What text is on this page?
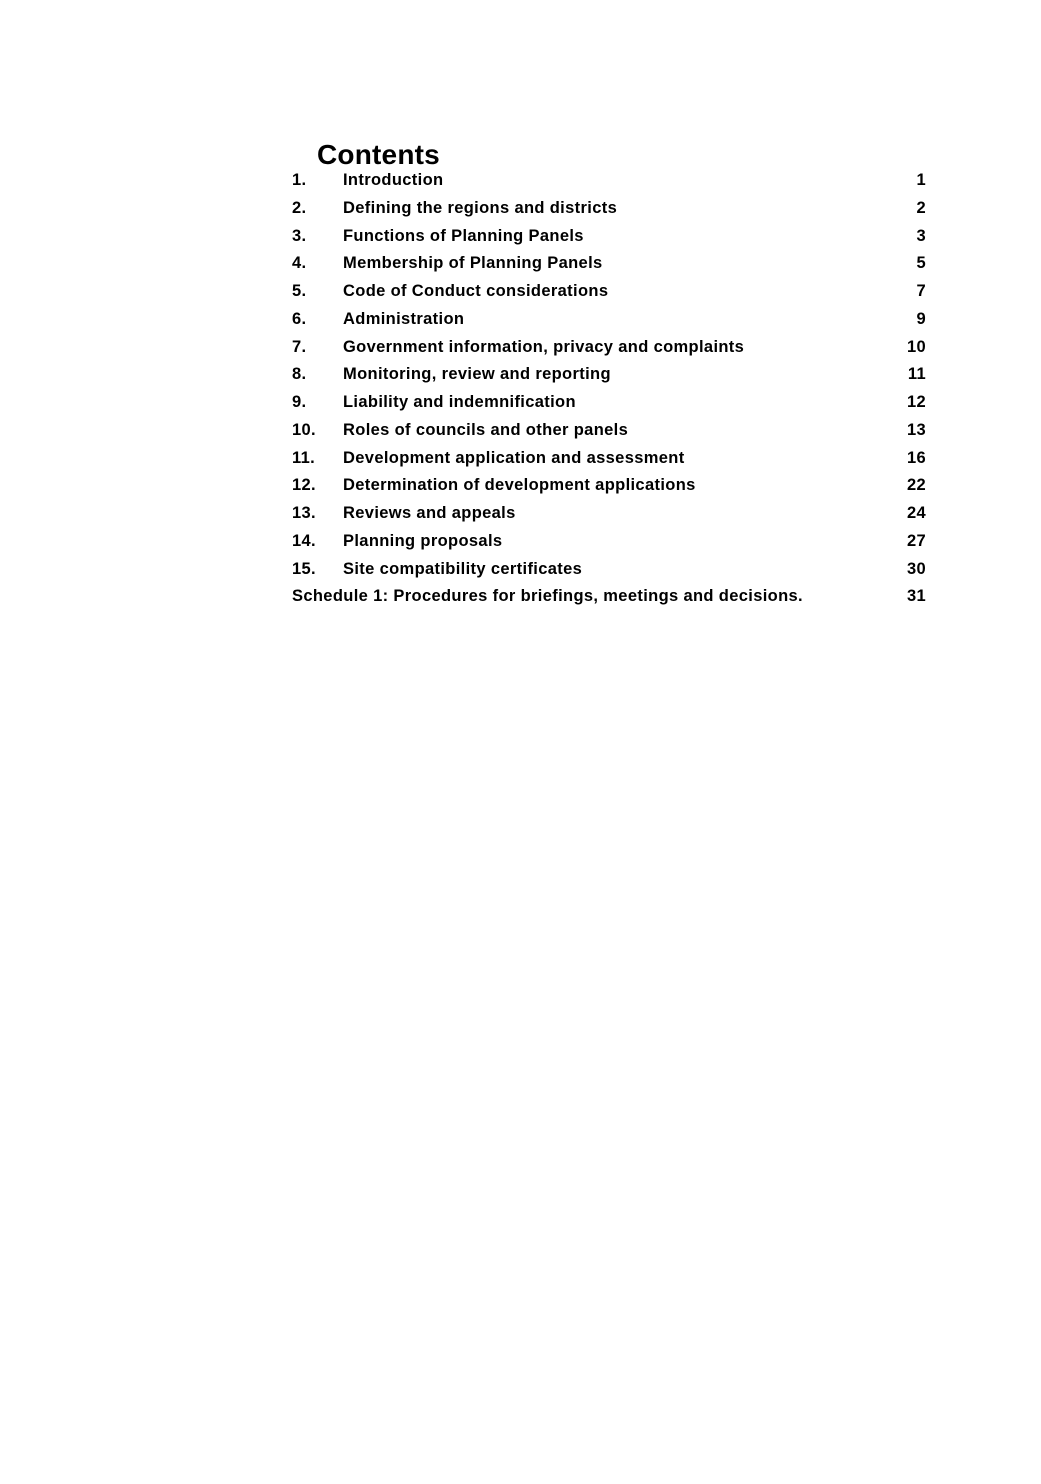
Contents
1.	Introduction	1
2.	Defining the regions and districts	2
3.	Functions of Planning Panels	3
4.	Membership of Planning Panels	5
5.	Code of Conduct considerations	7
6.	Administration	9
7.	Government information, privacy and complaints	10
8.	Monitoring, review and reporting	11
9.	Liability and indemnification	12
10.	Roles of councils and other panels	13
11.	Development application and assessment	16
12.	Determination of development applications	22
13.	Reviews and appeals	24
14.	Planning proposals	27
15.	Site compatibility certificates	30
Schedule 1: Procedures for briefings, meetings and decisions.	31
